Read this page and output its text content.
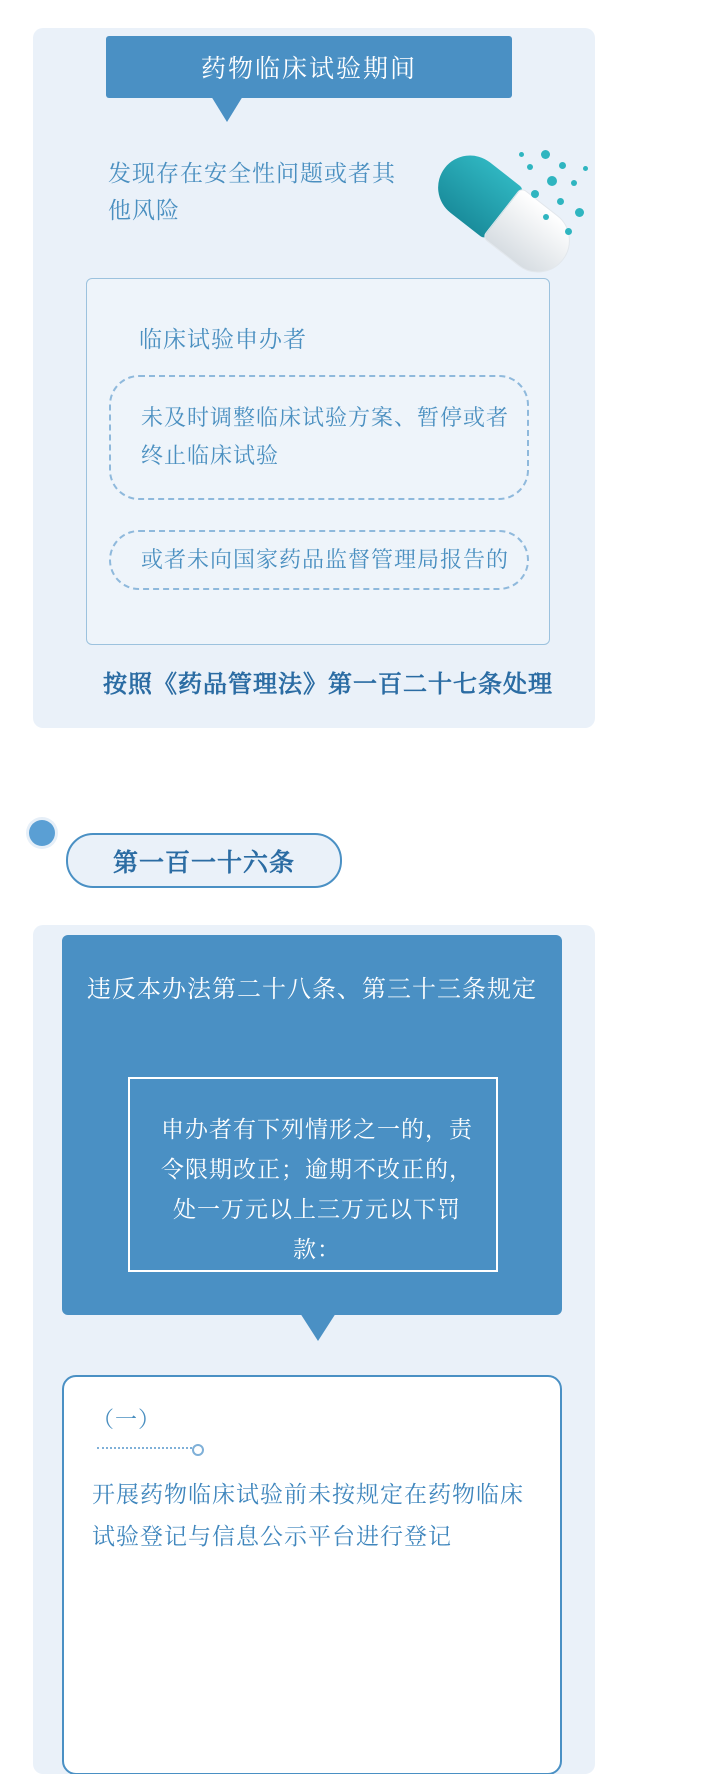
药物临床试验期间
发现存在安全性问题或者其他风险
临床试验申办者
未及时调整临床试验方案、暂停或者终止临床试验
或者未向国家药品监督管理局报告的
按照《药品管理法》第一百二十七条处理
第一百一十六条
违反本办法第二十八条、第三十三条规定
申办者有下列情形之一的，责令限期改正；逾期不改正的，处一万元以上三万元以下罚款：
（一）
开展药物临床试验前未按规定在药物临床试验登记与信息公示平台进行登记
